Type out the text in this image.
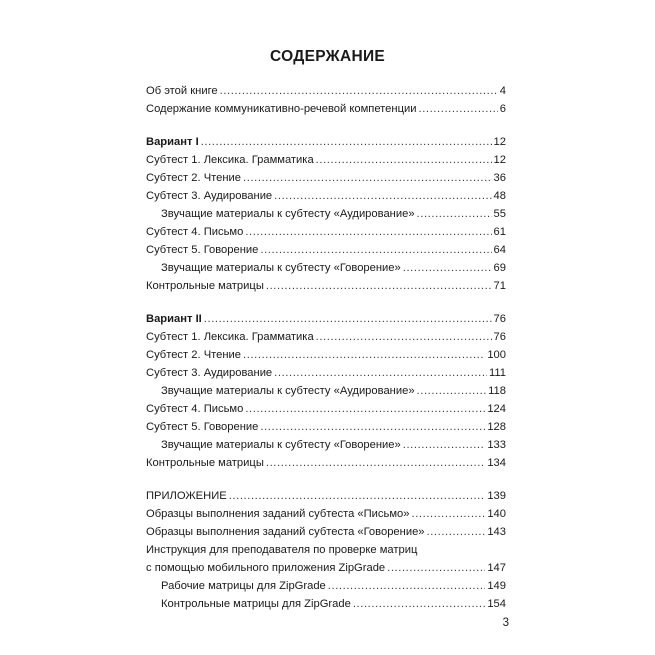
СОДЕРЖАНИЕ
Об этой книге .....	4
Содержание коммуникативно-речевой компетенции .....	6
Вариант I .....	12
Субтест 1. Лексика. Грамматика .....	12
Субтест 2. Чтение .....	36
Субтест 3. Аудирование .....	48
Звучащие материалы к субтесту «Аудирование» .....	55
Субтест 4. Письмо .....	61
Субтест 5. Говорение .....	64
Звучащие материалы к субтесту «Говорение» .....	69
Контрольные матрицы .....	71
Вариант II .....	76
Субтест 1. Лексика. Грамматика .....	76
Субтест 2. Чтение .....	100
Субтест 3. Аудирование .....	111
Звучащие материалы к субтесту «Аудирование» .....	118
Субтест 4. Письмо .....	124
Субтест 5. Говорение .....	128
Звучащие материалы к субтесту «Говорение» .....	133
Контрольные матрицы .....	134
ПРИЛОЖЕНИЕ .....	139
Образцы выполнения заданий субтеста «Письмо» .....	140
Образцы выполнения заданий субтеста «Говорение» .....	143
Инструкция для преподавателя по проверке матриц
с помощью мобильного приложения ZipGrade .....	147
Рабочие матрицы для ZipGrade .....	149
Контрольные матрицы для ZipGrade .....	154
3
